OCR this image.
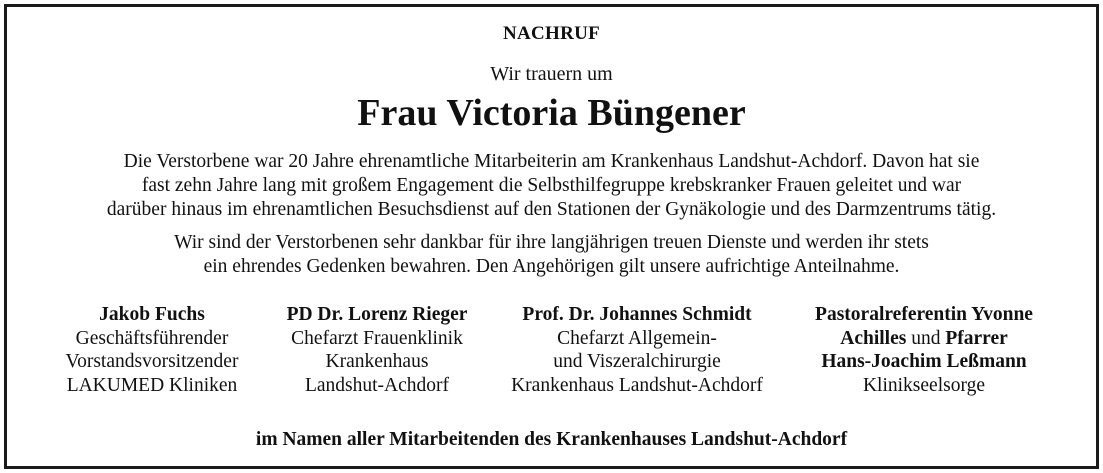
NACHRUF
Wir trauern um
Frau Victoria Büngener
Die Verstorbene war 20 Jahre ehrenamtliche Mitarbeiterin am Krankenhaus Landshut-Achdorf. Davon hat sie
fast zehn Jahre lang mit großem Engagement die Selbsthilfegruppe krebskranker Frauen geleitet und war
darüber hinaus im ehrenamtlichen Besuchsdienst auf den Stationen der Gynäkologie und des Darmzentrums tätig.
Wir sind der Verstorbenen sehr dankbar für ihre langjährigen treuen Dienste und werden ihr stets
ein ehrendes Gedenken bewahren. Den Angehörigen gilt unsere aufrichtige Anteilnahme.
Jakob Fuchs
Geschäftsführender
Vorstandsvorsitzender
LAKUMED Kliniken
PD Dr. Lorenz Rieger
Chefarzt Frauenklinik
Krankenhaus
Landshut-Achdorf
Prof. Dr. Johannes Schmidt
Chefarzt Allgemein-
und Viszeralchirurgie
Krankenhaus Landshut-Achdorf
Pastoralreferentin Yvonne
Achilles und Pfarrer
Hans-Joachim Leßmann
Klinikseelsorge
im Namen aller Mitarbeitenden des Krankenhauses Landshut-Achdorf
